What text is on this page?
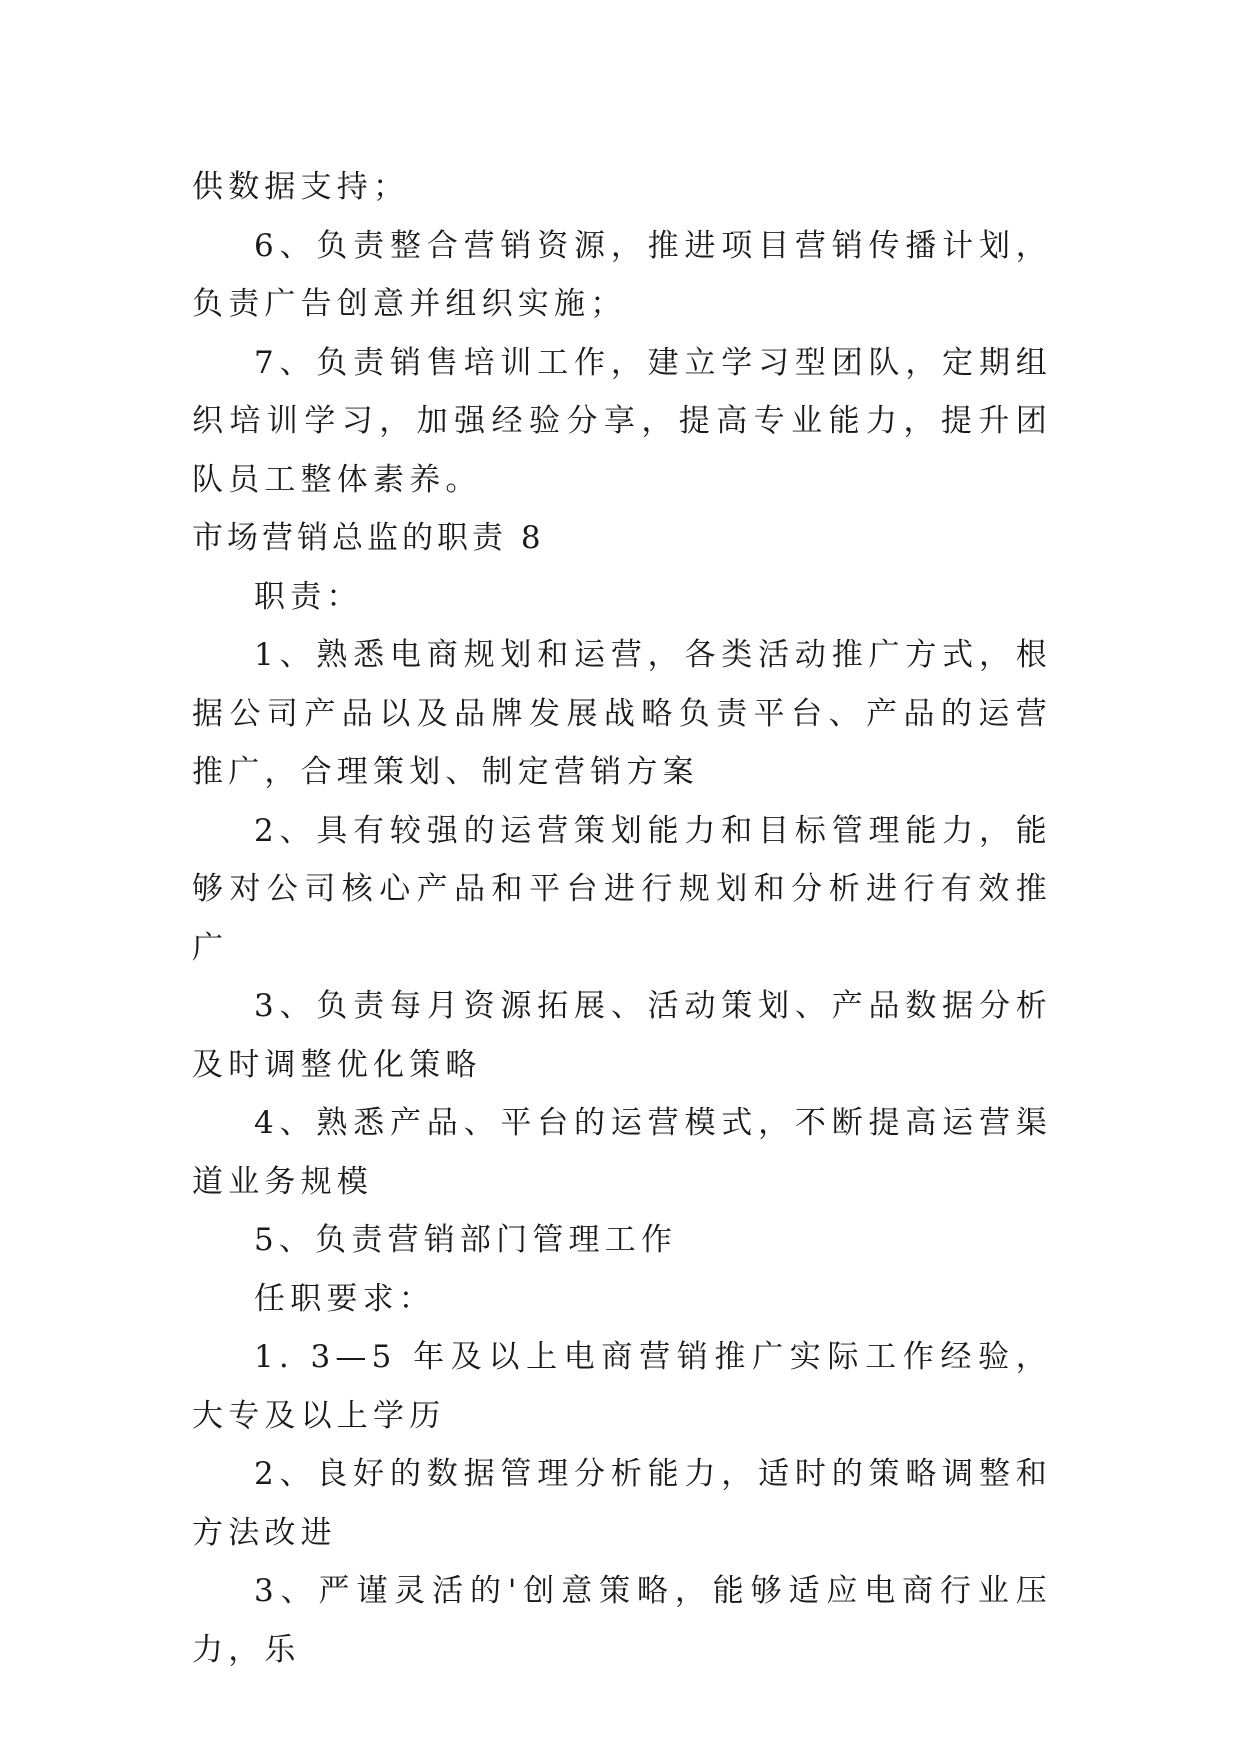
供数据支持；

6、负责整合营销资源，推进项目营销传播计划，负责广告创意并组织实施；

7、负责销售培训工作，建立学习型团队，定期组织培训学习，加强经验分享，提高专业能力，提升团队员工整体素养。

市场营销总监的职责 8

职责：

1、熟悉电商规划和运营，各类活动推广方式，根据公司产品以及品牌发展战略负责平台、产品的运营推广，合理策划、制定营销方案

2、具有较强的运营策划能力和目标管理能力，能够对公司核心产品和平台进行规划和分析进行有效推广

3、负责每月资源拓展、活动策划、产品数据分析及时调整优化策略

4、熟悉产品、平台的运营模式，不断提高运营渠道业务规模

5、负责营销部门管理工作

任职要求：

1. 3—5 年及以上电商营销推广实际工作经验，大专及以上学历

2、良好的数据管理分析能力，适时的策略调整和方法改进

3、严谨灵活的'创意策略，能够适应电商行业压力，乐
